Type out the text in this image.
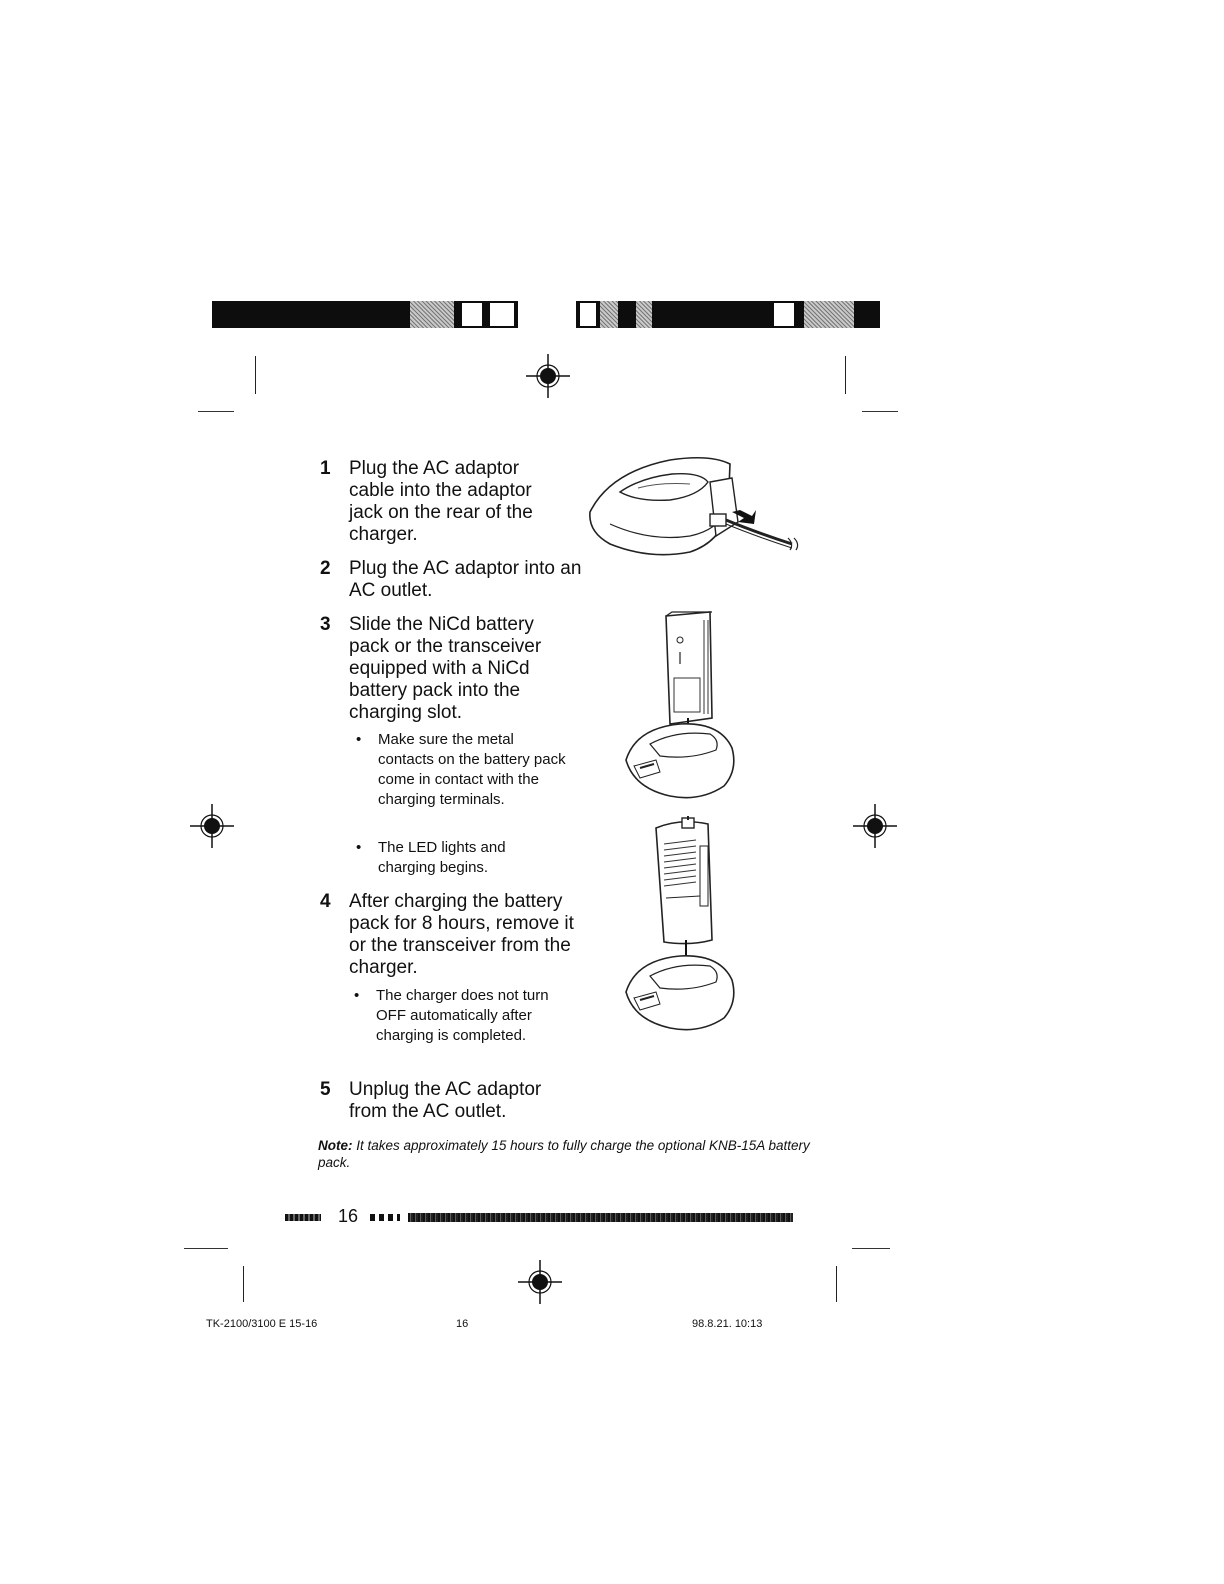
1 Plug the AC adaptor cable into the adaptor jack on the rear of the charger.
2 Plug the AC adaptor into an AC outlet.
3 Slide the NiCd battery pack or the transceiver equipped with a NiCd battery pack into the charging slot.
• Make sure the metal contacts on the battery pack come in contact with the charging terminals.
• The LED lights and charging begins.
4 After charging the battery pack for 8 hours, remove it or the transceiver from the charger.
• The charger does not turn OFF automatically after charging is completed.
5 Unplug the AC adaptor from the AC outlet.
Note: It takes approximately 15 hours to fully charge the optional KNB-15A battery pack.
16
TK-2100/3100 E 15-16	16	98.8.21. 10:13
